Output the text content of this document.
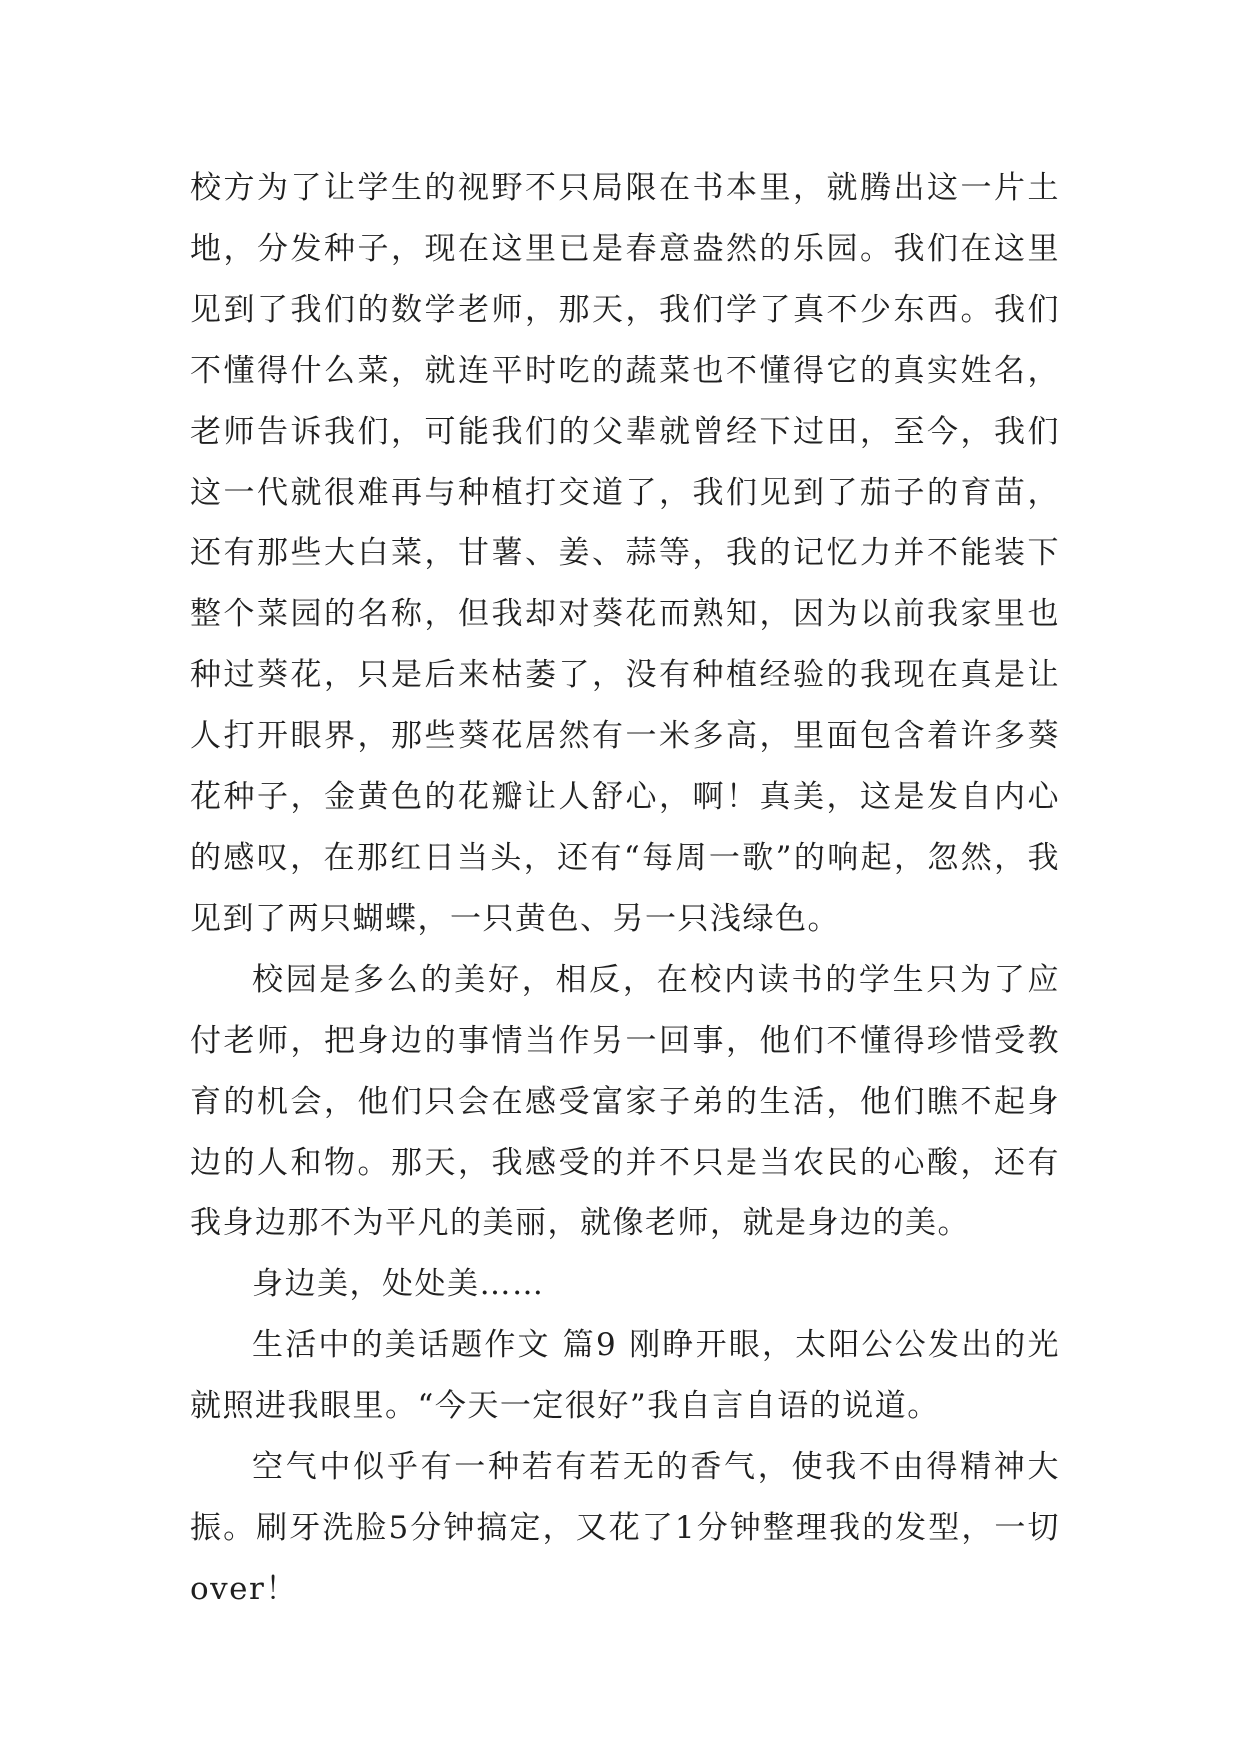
校方为了让学生的视野不只局限在书本里，就腾出这一片土地，分发种子，现在这里已是春意盎然的乐园。我们在这里见到了我们的数学老师，那天，我们学了真不少东西。我们不懂得什么菜，就连平时吃的蔬菜也不懂得它的真实姓名，老师告诉我们，可能我们的父辈就曾经下过田，至今，我们这一代就很难再与种植打交道了，我们见到了茄子的育苗，还有那些大白菜，甘薯、姜、蒜等，我的记忆力并不能装下整个菜园的名称，但我却对葵花而熟知，因为以前我家里也种过葵花，只是后来枯萎了，没有种植经验的我现在真是让人打开眼界，那些葵花居然有一米多高，里面包含着许多葵花种子，金黄色的花瓣让人舒心，啊！真美，这是发自内心的感叹，在那红日当头，还有“每周一歌”的响起，忽然，我见到了两只蝴蝶，一只黄色、另一只浅绿色。

校园是多么的美好，相反，在校内读书的学生只为了应付老师，把身边的事情当作另一回事，他们不懂得珍惜受教育的机会，他们只会在感受富家子弟的生活，他们瞧不起身边的人和物。那天，我感受的并不只是当农民的心酸，还有我身边那不为平凡的美丽，就像老师，就是身边的美。

身边美，处处美……

生活中的美话题作文 篇9 刚睁开眼，太阳公公发出的光就照进我眼里。“今天一定很好”我自言自语的说道。

空气中似乎有一种若有若无的香气，使我不由得精神大振。刷牙洗脸5分钟搞定，又花了1分钟整理我的发型，一切over！
